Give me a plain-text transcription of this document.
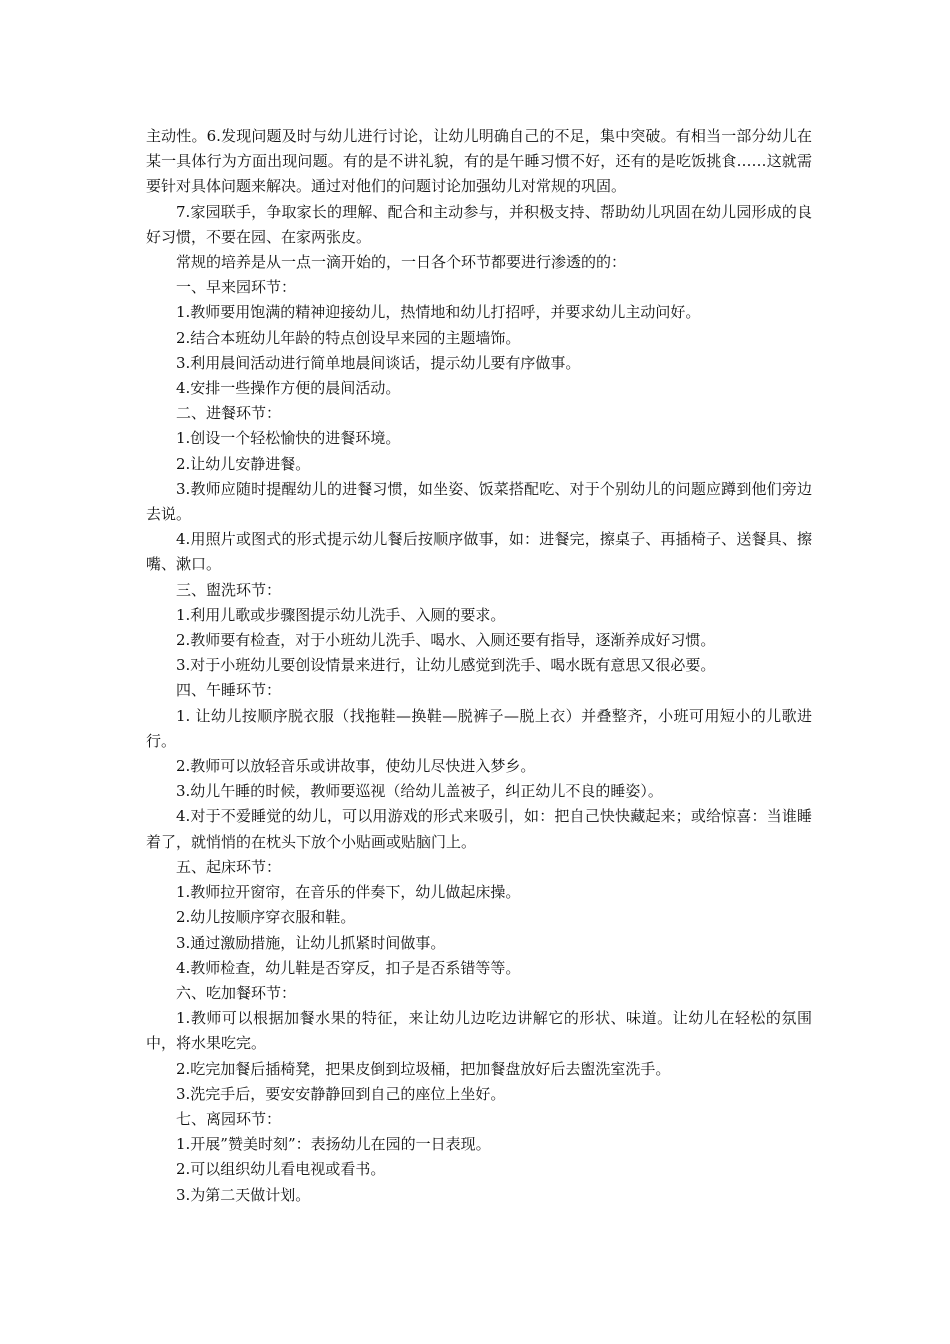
主动性。6.发现问题及时与幼儿进行讨论，让幼儿明确自己的不足，集中突破。有相当一部分幼儿在某一具体行为方面出现问题。有的是不讲礼貌，有的是午睡习惯不好，还有的是吃饭挑食……这就需要针对具体问题来解决。通过对他们的问题讨论加强幼儿对常规的巩固。

7.家园联手，争取家长的理解、配合和主动参与，并积极支持、帮助幼儿巩固在幼儿园形成的良好习惯，不要在园、在家两张皮。

常规的培养是从一点一滴开始的，一日各个环节都要进行渗透的的：

一、早来园环节：

1.教师要用饱满的精神迎接幼儿，热情地和幼儿打招呼，并要求幼儿主动问好。

2.结合本班幼儿年龄的特点创设早来园的主题墙饰。

3.利用晨间活动进行简单地晨间谈话，提示幼儿要有序做事。

4.安排一些操作方便的晨间活动。

二、进餐环节：

1.创设一个轻松愉快的进餐环境。

2.让幼儿安静进餐。

3.教师应随时提醒幼儿的进餐习惯，如坐姿、饭菜搭配吃、对于个别幼儿的问题应蹲到他们旁边去说。

4.用照片或图式的形式提示幼儿餐后按顺序做事，如：进餐完，擦桌子、再插椅子、送餐具、擦嘴、漱口。

三、盥洗环节：

1.利用儿歌或步骤图提示幼儿洗手、入厕的要求。

2.教师要有检查，对于小班幼儿洗手、喝水、入厕还要有指导，逐渐养成好习惯。

3.对于小班幼儿要创设情景来进行，让幼儿感觉到洗手、喝水既有意思又很必要。

四、午睡环节：

1. 让幼儿按顺序脱衣服（找拖鞋—换鞋—脱裤子—脱上衣）并叠整齐，小班可用短小的儿歌进行。

2.教师可以放轻音乐或讲故事，使幼儿尽快进入梦乡。

3.幼儿午睡的时候，教师要巡视（给幼儿盖被子，纠正幼儿不良的睡姿）。

4.对于不爱睡觉的幼儿，可以用游戏的形式来吸引，如：把自己快快藏起来；或给惊喜：当谁睡着了，就悄悄的在枕头下放个小贴画或贴脑门上。

五、起床环节：

1.教师拉开窗帘，在音乐的伴奏下，幼儿做起床操。

2.幼儿按顺序穿衣服和鞋。

3.通过激励措施，让幼儿抓紧时间做事。

4.教师检查，幼儿鞋是否穿反，扣子是否系错等等。

六、吃加餐环节：

1.教师可以根据加餐水果的特征，来让幼儿边吃边讲解它的形状、味道。让幼儿在轻松的氛围中，将水果吃完。

2.吃完加餐后插椅凳，把果皮倒到垃圾桶，把加餐盘放好后去盥洗室洗手。

3.洗完手后，要安安静静回到自己的座位上坐好。

七、离园环节：

1.开展”赞美时刻”：表扬幼儿在园的一日表现。

2.可以组织幼儿看电视或看书。

3.为第二天做计划。
